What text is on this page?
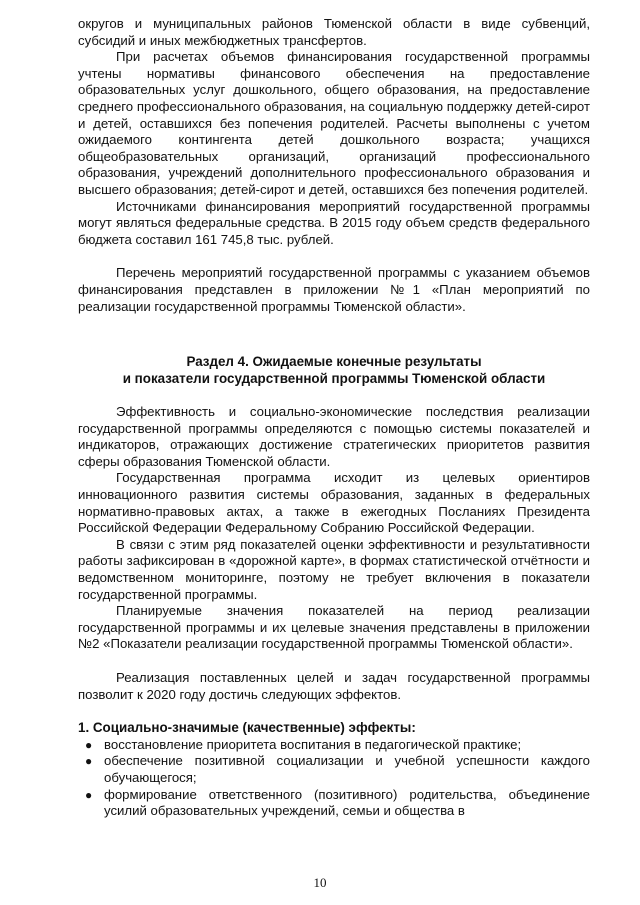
округов и муниципальных районов Тюменской области в виде субвенций, субсидий и иных межбюджетных трансфертов.

При расчетах объемов финансирования государственной программы учтены нормативы финансового обеспечения на предоставление образовательных услуг дошкольного, общего образования, на предоставление среднего профессионального образования, на социальную поддержку детей-сирот и детей, оставшихся без попечения родителей. Расчеты выполнены с учетом ожидаемого контингента детей дошкольного возраста; учащихся общеобразовательных организаций, организаций профессионального образования, учреждений дополнительного профессионального образования и высшего образования; детей-сирот и детей, оставшихся без попечения родителей.

Источниками финансирования мероприятий государственной программы могут являться федеральные средства. В 2015 году объем средств федерального бюджета составил 161 745,8 тыс. рублей.

Перечень мероприятий государственной программы с указанием объемов финансирования представлен в приложении №1 «План мероприятий по реализации государственной программы Тюменской области».

Раздел 4. Ожидаемые конечные результаты
и показатели государственной программы Тюменской области

Эффективность и социально-экономические последствия реализации государственной программы определяются с помощью системы показателей и индикаторов, отражающих достижение стратегических приоритетов развития сферы образования Тюменской области.

Государственная программа исходит из целевых ориентиров инновационного развития системы образования, заданных в федеральных нормативно-правовых актах, а также в ежегодных Посланиях Президента Российской Федерации Федеральному Собранию Российской Федерации.

В связи с этим ряд показателей оценки эффективности и результативности работы зафиксирован в «дорожной карте», в формах статистической отчётности и ведомственном мониторинге, поэтому не требует включения в показатели государственной программы.

Планируемые значения показателей на период реализации государственной программы и их целевые значения представлены в приложении №2 «Показатели реализации государственной программы Тюменской области».

Реализация поставленных целей и задач государственной программы позволит к 2020 году достичь следующих эффектов.

1. Социально-значимые (качественные) эффекты:

● восстановление приоритета воспитания в педагогической практике;
● обеспечение позитивной социализации и учебной успешности каждого обучающегося;
● формирование ответственного (позитивного) родительства, объединение усилий образовательных учреждений, семьи и общества в
10
